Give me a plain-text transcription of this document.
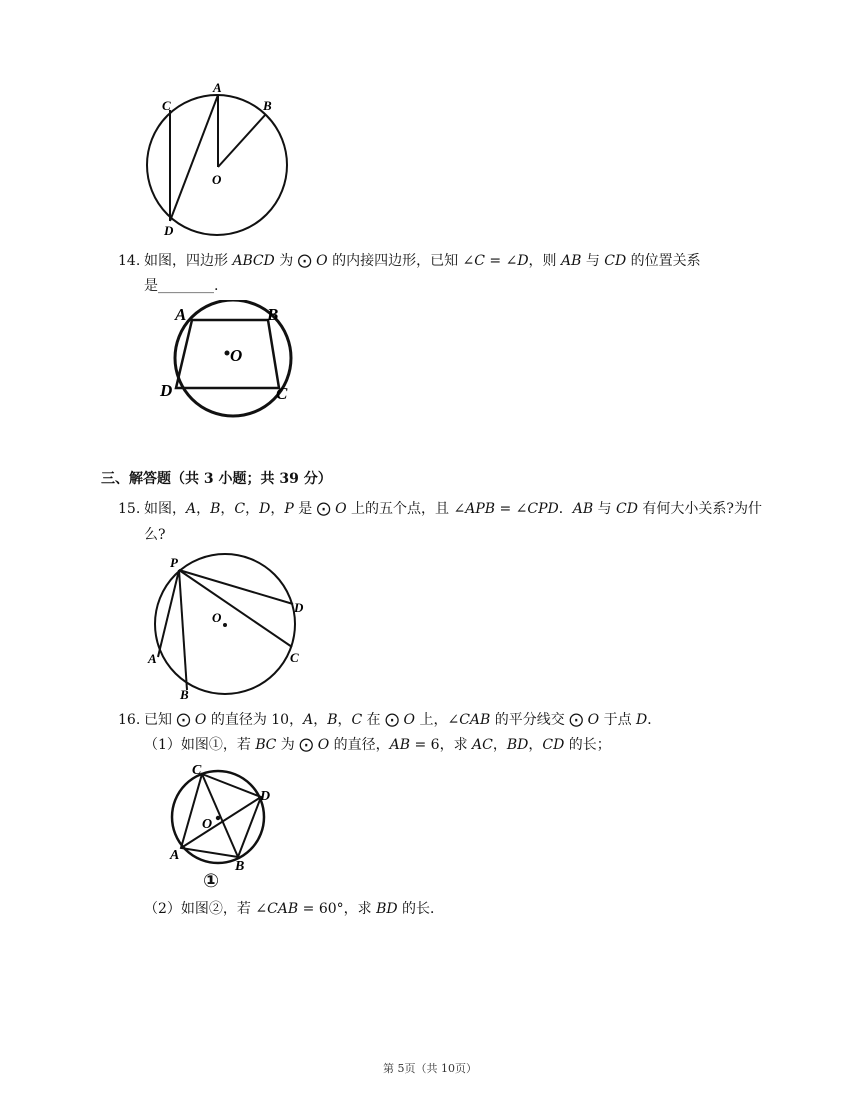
C
A
B
O
D
14. 如图，四边形 𝐴𝐵𝐶𝐷 为 ⨀ 𝑂 的内接四边形，已知 ∠𝐶 = ∠𝐷，则 𝐴𝐵 与 𝐶𝐷 的位置关系
是________.
A	B
O
D	C
三、解答题（共 3 小题；共 39 分）
15. 如图，𝐴，𝐵，𝐶，𝐷，𝑃 是 ⨀ 𝑂 上的五个点，且 ∠𝐴𝑃𝐵 = ∠𝐶𝑃𝐷．𝐴𝐵 与 𝐶𝐷 有何大小关系?为什
么?
P
D
O
C
A
B
16. 已知 ⨀ 𝑂 的直径为 10，𝐴，𝐵，𝐶 在 ⨀ 𝑂 上，∠𝐶𝐴𝐵 的平分线交 ⨀ 𝑂 于点 𝐷．
（1）如图①，若 𝐵𝐶 为 ⨀ 𝑂 的直径，𝐴𝐵 = 6，求 𝐴𝐶，𝐵𝐷，𝐶𝐷 的长；
C
D
O
A
B
①
（2）如图②，若 ∠𝐶𝐴𝐵 = 60°，求 𝐵𝐷 的长．
第 5页（共 10页）
